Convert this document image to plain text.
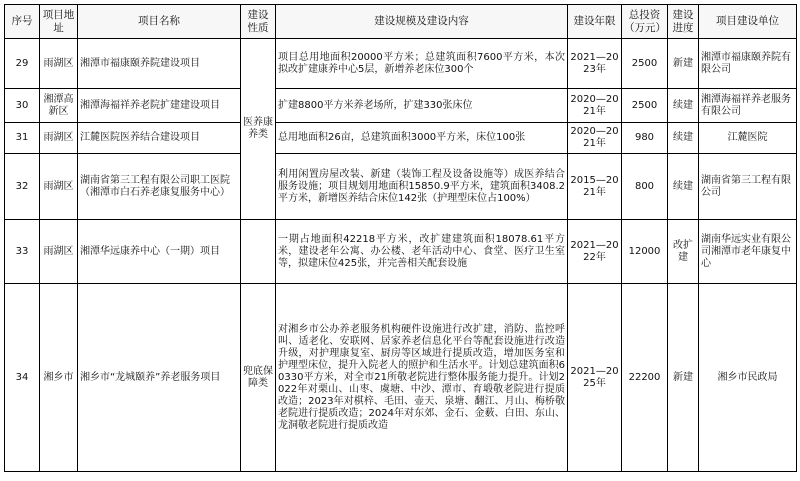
序号	项目地址	项目名称	建设性质	建设规模及建设内容	建设年限	总投资（万元）	建设进度	项目建设单位
29	雨湖区	湘潭市福康颐养院建设项目	医养康养类	项目总用地面积20000平方米；总建筑面积7600平方米，本次拟改扩建康养中心5层，新增养老床位300个	2021—2023年	2500	新建	湘潭市福康颐养院有限公司
30	湘潭高新区	湘潭海福祥养老院扩建建设项目		扩建8800平方米养老场所，扩建330张床位	2020—2021年	2500	续建	湘潭海福祥养老服务有限公司
31	雨湖区	江麓医院医养结合建设项目		总用地面积26亩，总建筑面积3000平方米，床位100张	2020—2021年	980	续建	江麓医院
32	雨湖区	湖南省第三工程有限公司职工医院（湘潭市白石养老康复服务中心）		利用闲置房屋改装、新建（装饰工程及设备设施等）成医养结合服务设施；项目规划用地面积15850.9平方米，建筑面积3408.2平方米，新增医养结合床位142张（护理型床位占100%）	2015—2021年	800	续建	湖南省第三工程有限公司
33	雨湖区	湘潭华远康养中心（一期）项目		一期占地面积42218平方米，改扩建建筑面积18078.61平方米，建设老年公寓、办公楼、老年活动中心、食堂、医疗卫生室等，拟建床位425张，并完善相关配套设施	2021—2022年	12000	改扩建	湖南华远实业有限公司湘潭市老年康复中心
34	湘乡市	湘乡市“龙城颐养”养老服务项目	兜底保障类	对湘乡市公办养老服务机构硬件设施进行改扩建，消防、监控呼叫、适老化、安联网、居家养老信息化平台等配套设施进行改造升级，对护理康复室、厨房等区域进行提质改造，增加医务室和护理型床位，提升入院老人的照护和生活水平。计划总建筑面积60330平方米，对全市21所敬老院进行整体服务能力提升。计划2022年对栗山、山枣、虞塘、中沙、潭市、育塅敬老院进行提质改造；2023年对棋梓、毛田、壶天、泉塘、翻江、月山、梅桥敬老院进行提质改造；2024年对东郊、金石、金薮、白田、东山、龙洞敬老院进行提质改造	2021—2025年	22200	新建	湘乡市民政局
